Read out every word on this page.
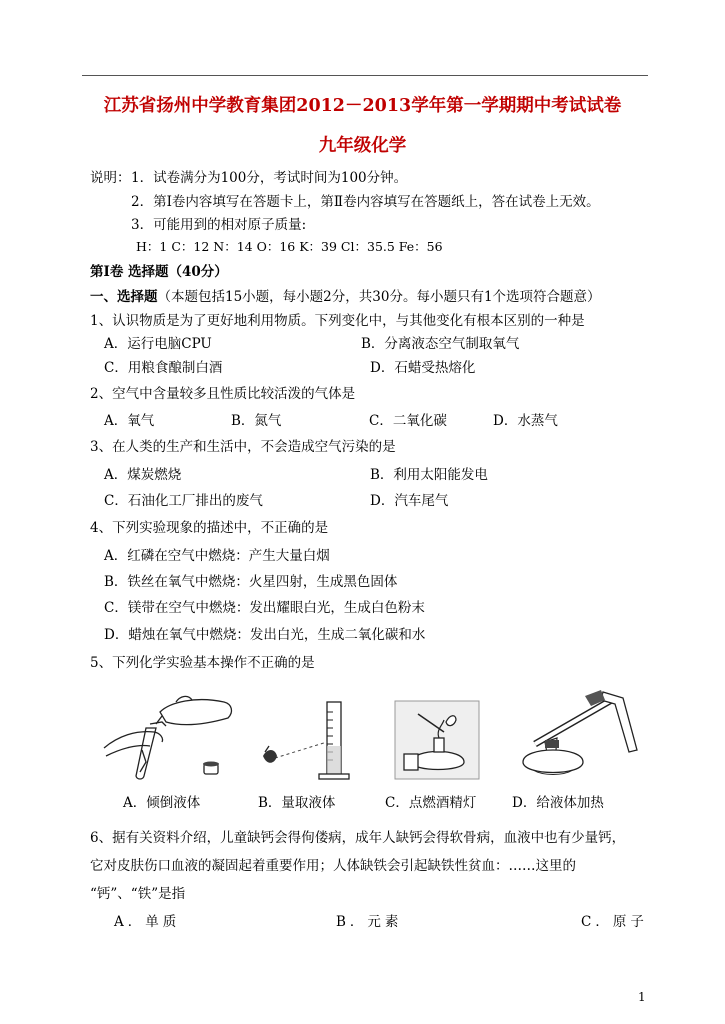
江苏省扬州中学教育集团2012－2013学年第一学期期中考试试卷
九年级化学
说明： 1．试卷满分为100分，考试时间为100分钟。
2．第Ⅰ卷内容填写在答题卡上，第Ⅱ卷内容填写在答题纸上，答在试卷上无效。
3．可能用到的相对原子质量:
H：1 C：12 N：14 O：16 K：39 Cl：35.5 Fe：56
第Ⅰ卷 选择题（40分）
一、选择题（本题包括15小题，每小题2分，共30分。每小题只有1个选项符合题意）
1、认识物质是为了更好地利用物质。下列变化中，与其他变化有根本区别的一种是
A．运行电脑CPU	B．分离液态空气制取氧气
C．用粮食酿制白酒	D．石蜡受热熔化
2、空气中含量较多且性质比较活泼的气体是
A．氧气	B．氮气	C．二氧化碳	D．水蒸气
3、在人类的生产和生活中，不会造成空气污染的是
A．煤炭燃烧	B．利用太阳能发电
C．石油化工厂排出的废气	D．汽车尾气
4、下列实验现象的描述中，不正确的是
A．红磷在空气中燃烧：产生大量白烟
B．铁丝在氧气中燃烧：火星四射，生成黑色固体
C．镁带在空气中燃烧：发出耀眼白光，生成白色粉末
D．蜡烛在氧气中燃烧：发出白光，生成二氧化碳和水
5、下列化学实验基本操作不正确的是
A．倾倒液体	B．量取液体	C．点燃酒精灯	D．给液体加热
6、据有关资料介绍，儿童缺钙会得佝偻病，成年人缺钙会得软骨病，血液中也有少量钙，
它对皮肤伤口血液的凝固起着重要作用；人体缺铁会引起缺铁性贫血：……这里的
“钙”、“铁”是指
A．单质	B．元素	C．原子
1
